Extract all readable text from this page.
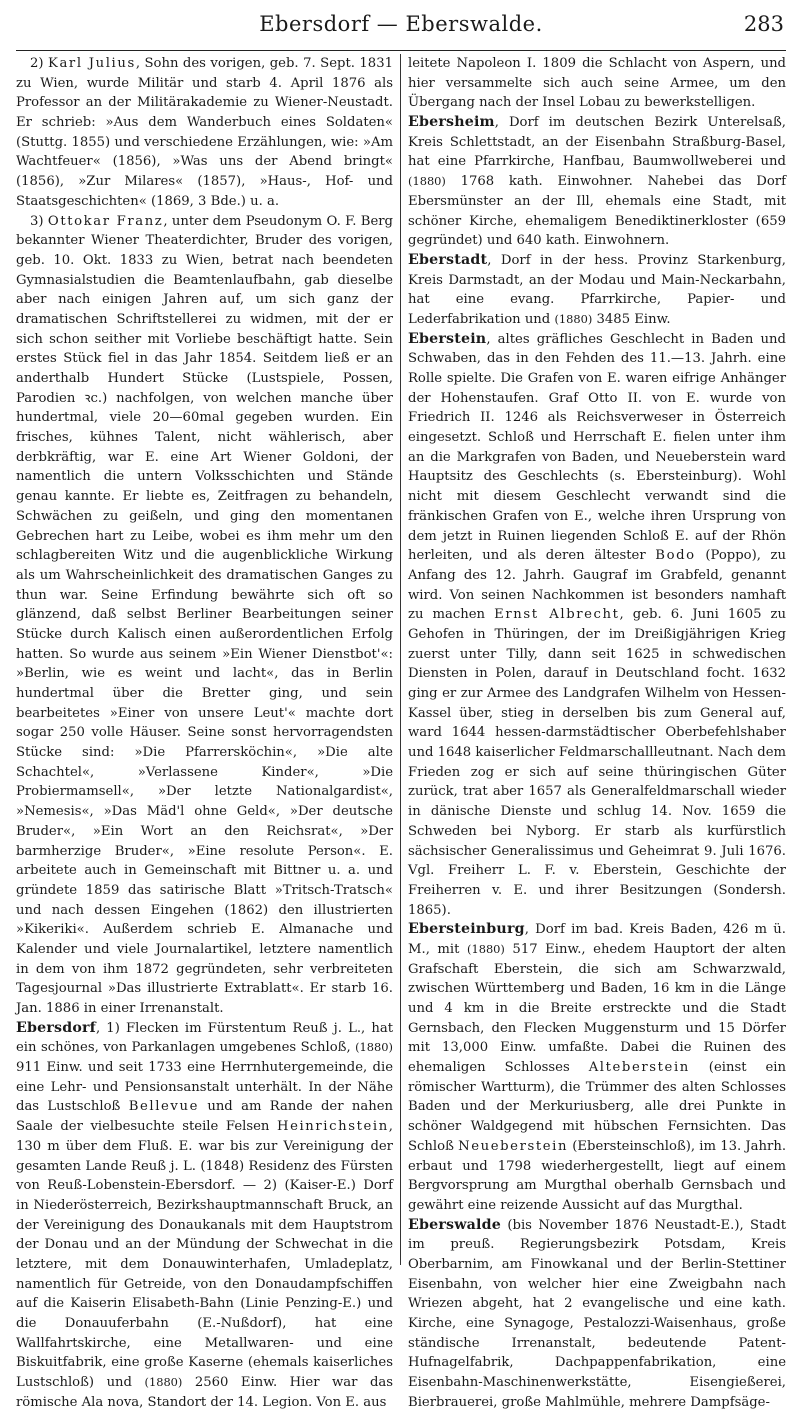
Ebersdorf — Eberswalde.	283

2) Karl Julius, Sohn des vorigen, geb. 7. Sept. 1831 zu Wien, wurde Militär und starb 4. April 1876 als Professor an der Militärakademie zu Wiener-Neustadt. Er schrieb: »Aus dem Wanderbuch eines Soldaten« (Stuttg. 1855) und verschiedene Erzählungen, wie: »Am Wachtfeuer« (1856), »Was uns der Abend bringt« (1856), »Zur Milares« (1857), »Haus-, Hof- und Staatsgeschichten« (1869, 3 Bde.) u. a.

3) Ottokar Franz, unter dem Pseudonym O. F. Berg bekannter Wiener Theaterdichter, Bruder des vorigen, geb. 10. Okt. 1833 zu Wien, betrat nach beendeten Gymnasialstudien die Beamtenlaufbahn, gab dieselbe aber nach einigen Jahren auf, um sich ganz der dramatischen Schriftstellerei zu widmen, mit der er sich schon seither mit Vorliebe beschäftigt hatte. Sein erstes Stück fiel in das Jahr 1854. Seitdem ließ er an anderthalb Hundert Stücke (Lustspiele, Possen, Parodien ꝛc.) nachfolgen, von welchen manche über hundertmal, viele 20—60mal gegeben wurden. Ein frisches, kühnes Talent, nicht wählerisch, aber derbkräftig, war E. eine Art Wiener Goldoni, der namentlich die untern Volksschichten und Stände genau kannte. Er liebte es, Zeitfragen zu behandeln, Schwächen zu geißeln, und ging den momentanen Gebrechen hart zu Leibe, wobei es ihm mehr um den schlagbereiten Witz und die augenblickliche Wirkung als um Wahrscheinlichkeit des dramatischen Ganges zu thun war. Seine Erfindung bewährte sich oft so glänzend, daß selbst Berliner Bearbeitungen seiner Stücke durch Kalisch einen außerordentlichen Erfolg hatten. So wurde aus seinem »Ein Wiener Dienstbot'«: »Berlin, wie es weint und lacht«, das in Berlin hundertmal über die Bretter ging, und sein bearbeitetes »Einer von unsere Leut'« machte dort sogar 250 volle Häuser. Seine sonst hervorragendsten Stücke sind: »Die Pfarrersköchin«, »Die alte Schachtel«, »Verlassene Kinder«, »Die Probiermamsell«, »Der letzte Nationalgardist«, »Nemesis«, »Das Mäd'l ohne Geld«, »Der deutsche Bruder«, »Ein Wort an den Reichsrat«, »Der barmherzige Bruder«, »Eine resolute Person«. E. arbeitete auch in Gemeinschaft mit Bittner u. a. und gründete 1859 das satirische Blatt »Tritsch-Tratsch« und nach dessen Eingehen (1862) den illustrierten »Kikeriki«. Außerdem schrieb E. Almanache und Kalender und viele Journalartikel, letztere namentlich in dem von ihm 1872 gegründeten, sehr verbreiteten Tagesjournal »Das illustrierte Extrablatt«. Er starb 16. Jan. 1886 in einer Irrenanstalt.

Ebersdorf, 1) Flecken im Fürstentum Reuß j. L., hat ein schönes, von Parkanlagen umgebenes Schloß, (1880) 911 Einw. und seit 1733 eine Herrnhutergemeinde, die eine Lehr- und Pensionsanstalt unterhält. In der Nähe das Lustschloß Bellevue und am Rande der nahen Saale der vielbesuchte steile Felsen Heinrichstein, 130 m über dem Fluß. E. war bis zur Vereinigung der gesamten Lande Reuß j. L. (1848) Residenz des Fürsten von Reuß-Lobenstein-Ebersdorf. — 2) (Kaiser-E.) Dorf in Niederösterreich, Bezirkshauptmannschaft Bruck, an der Vereinigung des Donaukanals mit dem Hauptstrom der Donau und an der Mündung der Schwechat in die letztere, mit dem Donauwinterhafen, Umladeplatz, namentlich für Getreide, von den Donaudampfschiffen auf die Kaiserin Elisabeth-Bahn (Linie Penzing-E.) und die Donauuferbahn (E.-Nußdorf), hat eine Wallfahrtskirche, eine Metallwaren- und eine Biskuitfabrik, eine große Kaserne (ehemals kaiserliches Lustschloß) und (1880) 2560 Einw. Hier war das römische Ala nova, Standort der 14. Legion. Von E. aus

leitete Napoleon I. 1809 die Schlacht von Aspern, und hier versammelte sich auch seine Armee, um den Übergang nach der Insel Lobau zu bewerkstelligen.

Ebersheim, Dorf im deutschen Bezirk Unterelsaß, Kreis Schlettstadt, an der Eisenbahn Straßburg-Basel, hat eine Pfarrkirche, Hanfbau, Baumwollweberei und (1880) 1768 kath. Einwohner. Nahebei das Dorf Ebersmünster an der Ill, ehemals eine Stadt, mit schöner Kirche, ehemaligem Benediktinerkloster (659 gegründet) und 640 kath. Einwohnern.

Eberstadt, Dorf in der hess. Provinz Starkenburg, Kreis Darmstadt, an der Modau und Main-Neckarbahn, hat eine evang. Pfarrkirche, Papier- und Lederfabrikation und (1880) 3485 Einw.

Eberstein, altes gräfliches Geschlecht in Baden und Schwaben, das in den Fehden des 11.—13. Jahrh. eine Rolle spielte. Die Grafen von E. waren eifrige Anhänger der Hohenstaufen. Graf Otto II. von E. wurde von Friedrich II. 1246 als Reichsverweser in Österreich eingesetzt. Schloß und Herrschaft E. fielen unter ihm an die Markgrafen von Baden, und Neueberstein ward Hauptsitz des Geschlechts (s. Ebersteinburg). Wohl nicht mit diesem Geschlecht verwandt sind die fränkischen Grafen von E., welche ihren Ursprung von dem jetzt in Ruinen liegenden Schloß E. auf der Rhön herleiten, und als deren ältester Bodo (Poppo), zu Anfang des 12. Jahrh. Gaugraf im Grabfeld, genannt wird. Von seinen Nachkommen ist besonders namhaft zu machen Ernst Albrecht, geb. 6. Juni 1605 zu Gehofen in Thüringen, der im Dreißigjährigen Krieg zuerst unter Tilly, dann seit 1625 in schwedischen Diensten in Polen, darauf in Deutschland focht. 1632 ging er zur Armee des Landgrafen Wilhelm von Hessen-Kassel über, stieg in derselben bis zum General auf, ward 1644 hessen-darmstädtischer Oberbefehlshaber und 1648 kaiserlicher Feldmarschallleutnant. Nach dem Frieden zog er sich auf seine thüringischen Güter zurück, trat aber 1657 als Generalfeldmarschall wieder in dänische Dienste und schlug 14. Nov. 1659 die Schweden bei Nyborg. Er starb als kurfürstlich sächsischer Generalissimus und Geheimrat 9. Juli 1676. Vgl. Freiherr L. F. v. Eberstein, Geschichte der Freiherren v. E. und ihrer Besitzungen (Sondersh. 1865).

Ebersteinburg, Dorf im bad. Kreis Baden, 426 m ü. M., mit (1880) 517 Einw., ehedem Hauptort der alten Grafschaft Eberstein, die sich am Schwarzwald, zwischen Württemberg und Baden, 16 km in die Länge und 4 km in die Breite erstreckte und die Stadt Gernsbach, den Flecken Muggensturm und 15 Dörfer mit 13,000 Einw. umfaßte. Dabei die Ruinen des ehemaligen Schlosses Alteberstein (einst ein römischer Wartturm), die Trümmer des alten Schlosses Baden und der Merkuriusberg, alle drei Punkte in schöner Waldgegend mit hübschen Fernsichten. Das Schloß Neueberstein (Ebersteinschloß), im 13. Jahrh. erbaut und 1798 wiederhergestellt, liegt auf einem Bergvorsprung am Murgthal oberhalb Gernsbach und gewährt eine reizende Aussicht auf das Murgthal.

Eberswalde (bis November 1876 Neustadt-E.), Stadt im preuß. Regierungsbezirk Potsdam, Kreis Oberbarnim, am Finowkanal und der Berlin-Stettiner Eisenbahn, von welcher hier eine Zweigbahn nach Wriezen abgeht, hat 2 evangelische und eine kath. Kirche, eine Synagoge, Pestalozzi-Waisenhaus, große ständische Irrenanstalt, bedeutende Patent-Hufnagelfabrik, Dachpappenfabrikation, eine Eisenbahn-Maschinenwerkstätte, Eisengießerei, Bierbrauerei, große Mahlmühle, mehrere Dampfsäge-
